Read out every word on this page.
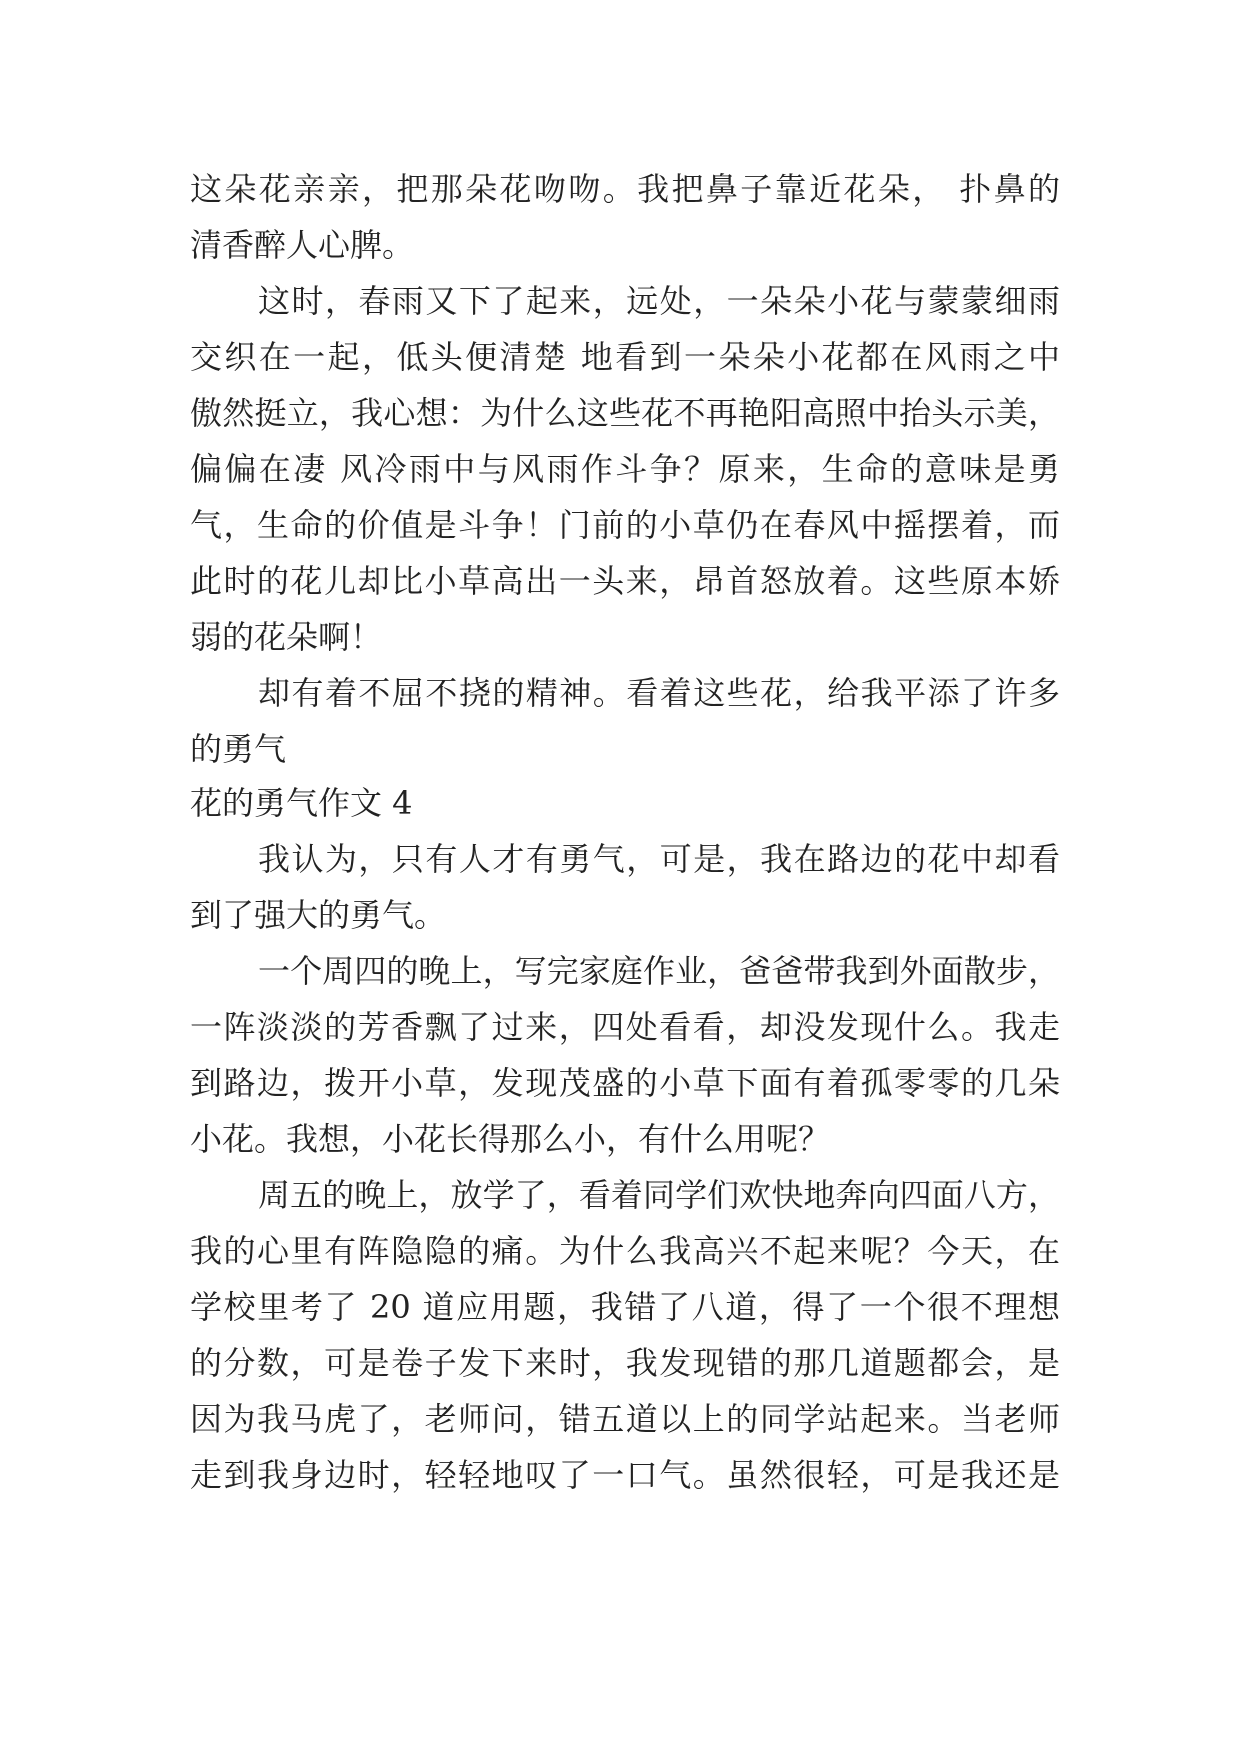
这朵花亲亲，把那朵花吻吻。我把鼻子靠近花朵， 扑鼻的
清香醉人心脾。
这时，春雨又下了起来，远处，一朵朵小花与蒙蒙细雨
交织在一起，低头便清楚 地看到一朵朵小花都在风雨之中
傲然挺立，我心想：为什么这些花不再艳阳高照中抬头示美，
偏偏在凄 风冷雨中与风雨作斗争？原来，生命的意味是勇
气，生命的价值是斗争！门前的小草仍在春风中摇摆着，而
此时的花儿却比小草高出一头来，昂首怒放着。这些原本娇
弱的花朵啊！
却有着不屈不挠的精神。看着这些花，给我平添了许多
的勇气
花的勇气作文 4
我认为，只有人才有勇气，可是，我在路边的花中却看
到了强大的勇气。
一个周四的晚上，写完家庭作业，爸爸带我到外面散步，
一阵淡淡的芳香飘了过来，四处看看，却没发现什么。我走
到路边，拨开小草，发现茂盛的小草下面有着孤零零的几朵
小花。我想，小花长得那么小，有什么用呢？
周五的晚上，放学了，看着同学们欢快地奔向四面八方，
我的心里有阵隐隐的痛。为什么我高兴不起来呢？今天，在
学校里考了 20 道应用题，我错了八道，得了一个很不理想
的分数，可是卷子发下来时，我发现错的那几道题都会，是
因为我马虎了，老师问，错五道以上的同学站起来。当老师
走到我身边时，轻轻地叹了一口气。虽然很轻，可是我还是
